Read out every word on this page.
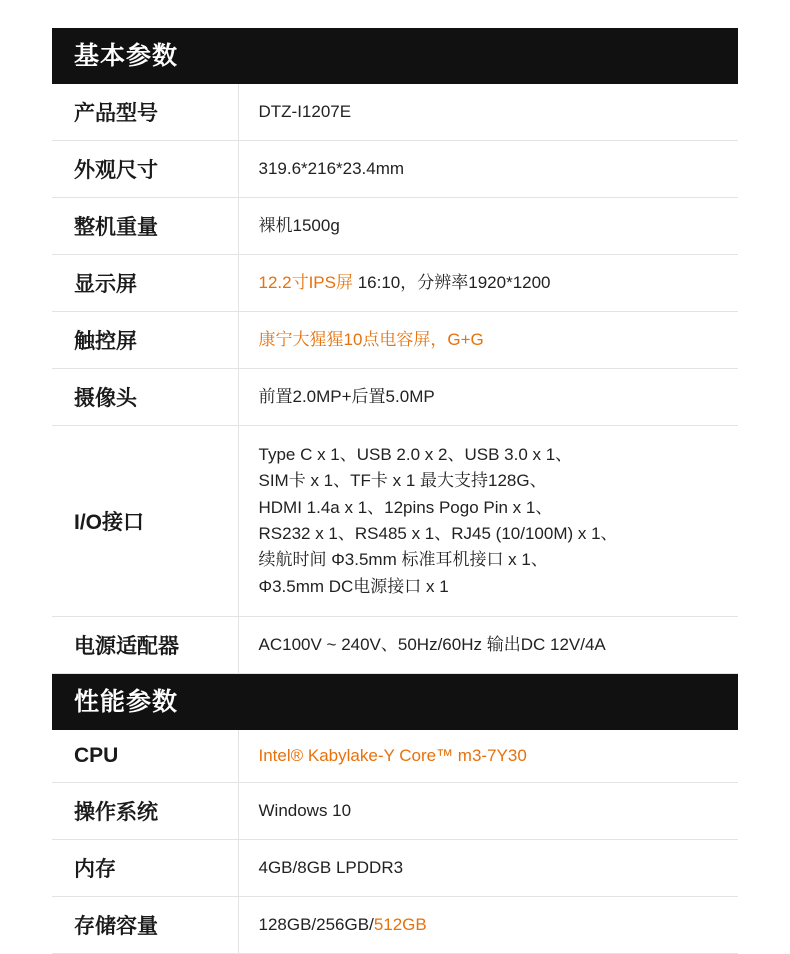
基本参数	

产品型号	DTZ-I1207E

外观尺寸	319.6*216*23.4mm

整机重量	裸机1500g

显示屏	12.2寸IPS屏 16:10，分辨率1920*1200

触控屏	康宁大猩猩10点电容屏，G+G

摄像头	前置2.0MP+后置5.0MP

I/O接口	
Type C x 1、USB 2.0 x 2、USB 3.0 x 1、
SIM卡 x 1、TF卡 x 1 最大支持128G、
HDMI 1.4a x 1、12pins Pogo Pin x 1、
RS232 x 1、RS485 x 1、RJ45 (10/100M) x 1、
续航时间 Φ3.5mm 标准耳机接口 x 1、
Φ3.5mm DC电源接口 x 1

电源适配器	AC100V ~ 240V、50Hz/60Hz 输出DC 12V/4A

性能参数	

CPU	Intel® Kabylake-Y Core™ m3-7Y30

操作系统	Windows 10

内存	4GB/8GB LPDDR3

存储容量	128GB/256GB/512GB
